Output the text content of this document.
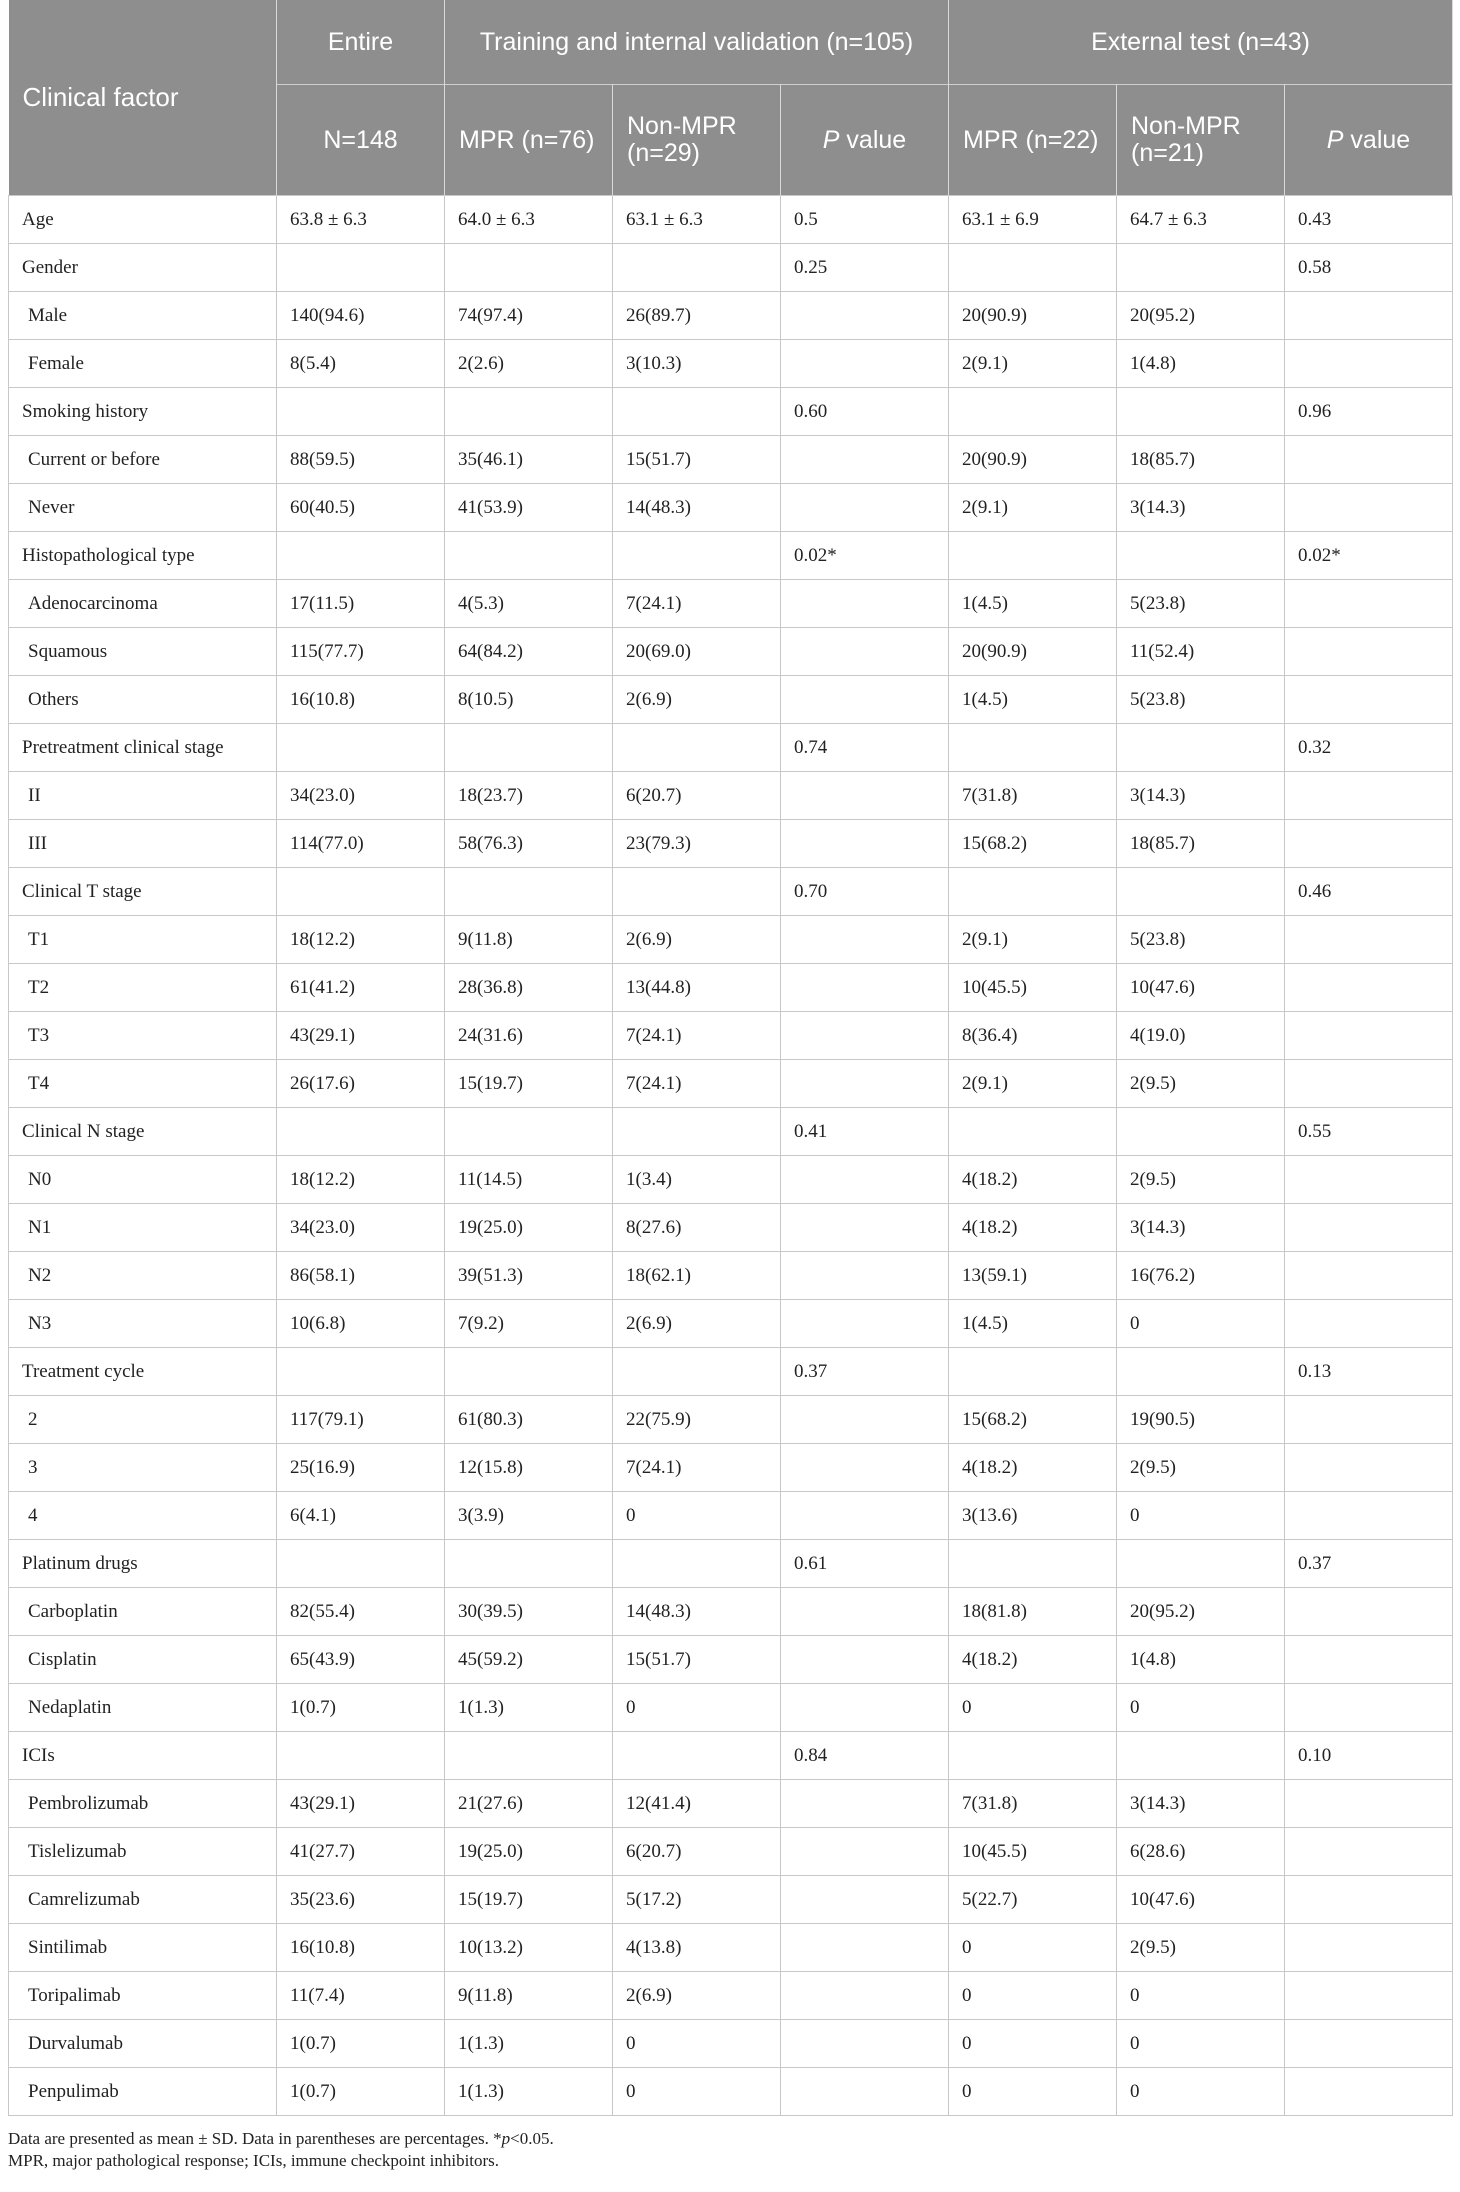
Clinical factor	Entire	Training and internal validation (n=105)			External test (n=43)		
	N=148	MPR (n=76)	Non-MPR (n=29)	P value	MPR (n=22)	Non-MPR (n=21)	P value
Age	63.8 ± 6.3	64.0 ± 6.3	63.1 ± 6.3	0.5	63.1 ± 6.9	64.7 ± 6.3	0.43
Gender				0.25			0.58
Male	140(94.6)	74(97.4)	26(89.7)		20(90.9)	20(95.2)	
Female	8(5.4)	2(2.6)	3(10.3)		2(9.1)	1(4.8)	
Smoking history				0.60			0.96
Current or before	88(59.5)	35(46.1)	15(51.7)		20(90.9)	18(85.7)	
Never	60(40.5)	41(53.9)	14(48.3)		2(9.1)	3(14.3)	
Histopathological type				0.02*			0.02*
Adenocarcinoma	17(11.5)	4(5.3)	7(24.1)		1(4.5)	5(23.8)	
Squamous	115(77.7)	64(84.2)	20(69.0)		20(90.9)	11(52.4)	
Others	16(10.8)	8(10.5)	2(6.9)		1(4.5)	5(23.8)	
Pretreatment clinical stage				0.74			0.32
II	34(23.0)	18(23.7)	6(20.7)		7(31.8)	3(14.3)	
III	114(77.0)	58(76.3)	23(79.3)		15(68.2)	18(85.7)	
Clinical T stage				0.70			0.46
T1	18(12.2)	9(11.8)	2(6.9)		2(9.1)	5(23.8)	
T2	61(41.2)	28(36.8)	13(44.8)		10(45.5)	10(47.6)	
T3	43(29.1)	24(31.6)	7(24.1)		8(36.4)	4(19.0)	
T4	26(17.6)	15(19.7)	7(24.1)		2(9.1)	2(9.5)	
Clinical N stage				0.41			0.55
N0	18(12.2)	11(14.5)	1(3.4)		4(18.2)	2(9.5)	
N1	34(23.0)	19(25.0)	8(27.6)		4(18.2)	3(14.3)	
N2	86(58.1)	39(51.3)	18(62.1)		13(59.1)	16(76.2)	
N3	10(6.8)	7(9.2)	2(6.9)		1(4.5)	0	
Treatment cycle				0.37			0.13
2	117(79.1)	61(80.3)	22(75.9)		15(68.2)	19(90.5)	
3	25(16.9)	12(15.8)	7(24.1)		4(18.2)	2(9.5)	
4	6(4.1)	3(3.9)	0		3(13.6)	0	
Platinum drugs				0.61			0.37
Carboplatin	82(55.4)	30(39.5)	14(48.3)		18(81.8)	20(95.2)	
Cisplatin	65(43.9)	45(59.2)	15(51.7)		4(18.2)	1(4.8)	
Nedaplatin	1(0.7)	1(1.3)	0		0	0	
ICIs				0.84			0.10
Pembrolizumab	43(29.1)	21(27.6)	12(41.4)		7(31.8)	3(14.3)	
Tislelizumab	41(27.7)	19(25.0)	6(20.7)		10(45.5)	6(28.6)	
Camrelizumab	35(23.6)	15(19.7)	5(17.2)		5(22.7)	10(47.6)	
Sintilimab	16(10.8)	10(13.2)	4(13.8)		0	2(9.5)	
Toripalimab	11(7.4)	9(11.8)	2(6.9)		0	0	
Durvalumab	1(0.7)	1(1.3)	0		0	0	
Penpulimab	1(0.7)	1(1.3)	0		0	0	
Data are presented as mean ± SD. Data in parentheses are percentages. *p<0.05.
MPR, major pathological response; ICIs, immune checkpoint inhibitors.
